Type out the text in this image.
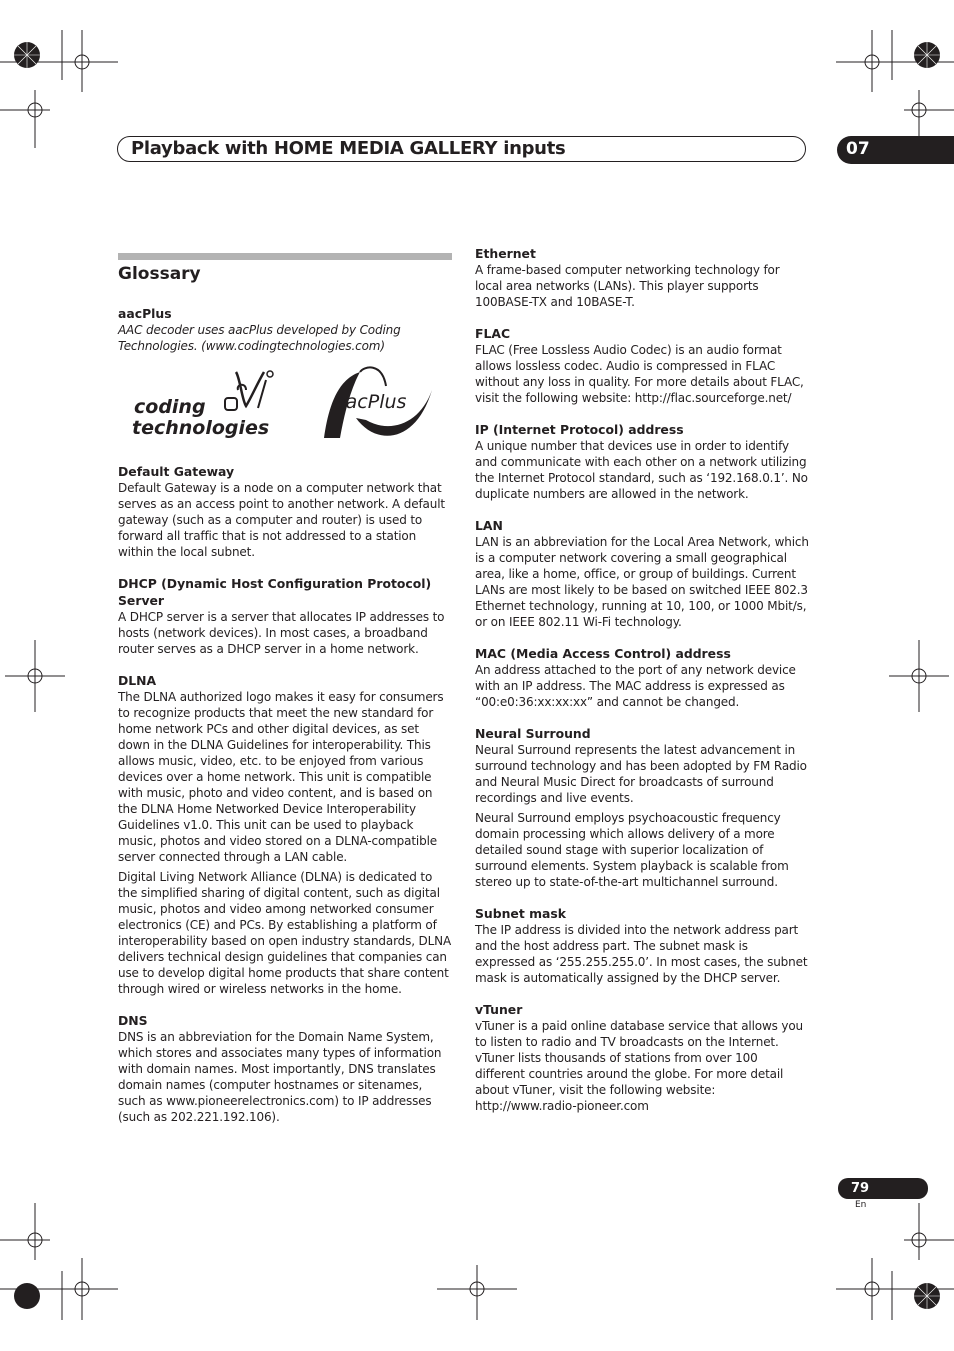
Playback with HOME MEDIA GALLERY inputs	07
Glossary
aacPlus

AAC decoder uses aacPlus developed by Coding Technologies. (www.codingtechnologies.com)

coding
technologies
aacPlus
Default Gateway

Default Gateway is a node on a computer network that serves as an access point to another network. A default gateway (such as a computer and router) is used to forward all traffic that is not addressed to a station within the local subnet.

DHCP (Dynamic Host Configuration Protocol) Server

A DHCP server is a server that allocates IP addresses to hosts (network devices). In most cases, a broadband router serves as a DHCP server in a home network.

DLNA

The DLNA authorized logo makes it easy for consumers to recognize products that meet the new standard for home network PCs and other digital devices, as set down in the DLNA Guidelines for interoperability. This allows music, video, etc. to be enjoyed from various devices over a home network. This unit is compatible with music, photo and video content, and is based on the DLNA Home Networked Device Interoperability Guidelines v1.0. This unit can be used to playback music, photos and video stored on a DLNA-compatible server connected through a LAN cable.

Digital Living Network Alliance (DLNA) is dedicated to the simplified sharing of digital content, such as digital music, photos and video among networked consumer electronics (CE) and PCs. By establishing a platform of interoperability based on open industry standards, DLNA delivers technical design guidelines that companies can use to develop digital home products that share content through wired or wireless networks in the home.

DNS

DNS is an abbreviation for the Domain Name System, which stores and associates many types of information with domain names. Most importantly, DNS translates domain names (computer hostnames or sitenames, such as www.pioneerelectronics.com) to IP addresses (such as 202.221.192.106).

Ethernet

A frame-based computer networking technology for local area networks (LANs). This player supports 100BASE-TX and 10BASE-T.

FLAC

FLAC (Free Lossless Audio Codec) is an audio format allows lossless codec. Audio is compressed in FLAC without any loss in quality. For more details about FLAC, visit the following website: http://flac.sourceforge.net/

IP (Internet Protocol) address

A unique number that devices use in order to identify and communicate with each other on a network utilizing the Internet Protocol standard, such as ‘192.168.0.1’. No duplicate numbers are allowed in the network.

LAN

LAN is an abbreviation for the Local Area Network, which is a computer network covering a small geographical area, like a home, office, or group of buildings. Current LANs are most likely to be based on switched IEEE 802.3 Ethernet technology, running at 10, 100, or 1000 Mbit/s, or on IEEE 802.11 Wi-Fi technology.

MAC (Media Access Control) address

An address attached to the port of any network device with an IP address. The MAC address is expressed as “00:e0:36:xx:xx:xx” and cannot be changed.

Neural Surround

Neural Surround represents the latest advancement in surround technology and has been adopted by FM Radio and Neural Music Direct for broadcasts of surround recordings and live events.

Neural Surround employs psychoacoustic frequency domain processing which allows delivery of a more detailed sound stage with superior localization of surround elements. System playback is scalable from stereo up to state-of-the-art multichannel surround.

Subnet mask

The IP address is divided into the network address part and the host address part. The subnet mask is expressed as ‘255.255.255.0’. In most cases, the subnet mask is automatically assigned by the DHCP server.

vTuner

vTuner is a paid online database service that allows you to listen to radio and TV broadcasts on the Internet. vTuner lists thousands of stations from over 100 different countries around the globe. For more detail about vTuner, visit the following website:

http://www.radio-pioneer.com

79
En
